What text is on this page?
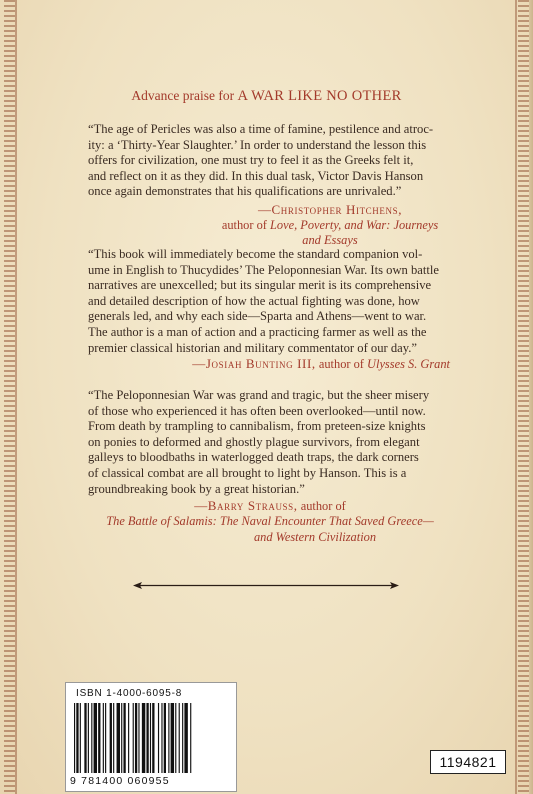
Advance praise for A WAR LIKE NO OTHER
“The age of Pericles was also a time of famine, pestilence and atroc-
ity: a ‘Thirty-Year Slaughter.’ In order to understand the lesson this
offers for civilization, one must try to feel it as the Greeks felt it,
and reflect on it as they did. In this dual task, Victor Davis Hanson
once again demonstrates that his qualifications are unrivaled.”
—Christopher Hitchens,
author of Love, Poverty, and War: Journeys and Essays
“This book will immediately become the standard companion vol-
ume in English to Thucydides’ The Peloponnesian War. Its own battle
narratives are unexcelled; but its singular merit is its comprehensive
and detailed description of how the actual fighting was done, how
generals led, and why each side—Sparta and Athens—went to war.
The author is a man of action and a practicing farmer as well as the
premier classical historian and military commentator of our day.”
—Josiah Bunting III, author of Ulysses S. Grant
“The Peloponnesian War was grand and tragic, but the sheer misery
of those who experienced it has often been overlooked—until now.
From death by trampling to cannibalism, from preteen-size knights
on ponies to deformed and ghostly plague survivors, from elegant
galleys to bloodbaths in waterlogged death traps, the dark corners
of classical combat are all brought to light by Hanson. This is a
groundbreaking book by a great historian.”
—Barry Strauss, author of
The Battle of Salamis: The Naval Encounter That Saved Greece—
and Western Civilization
ISBN 1-4000-6095-8
9 781400 060955
1194821
